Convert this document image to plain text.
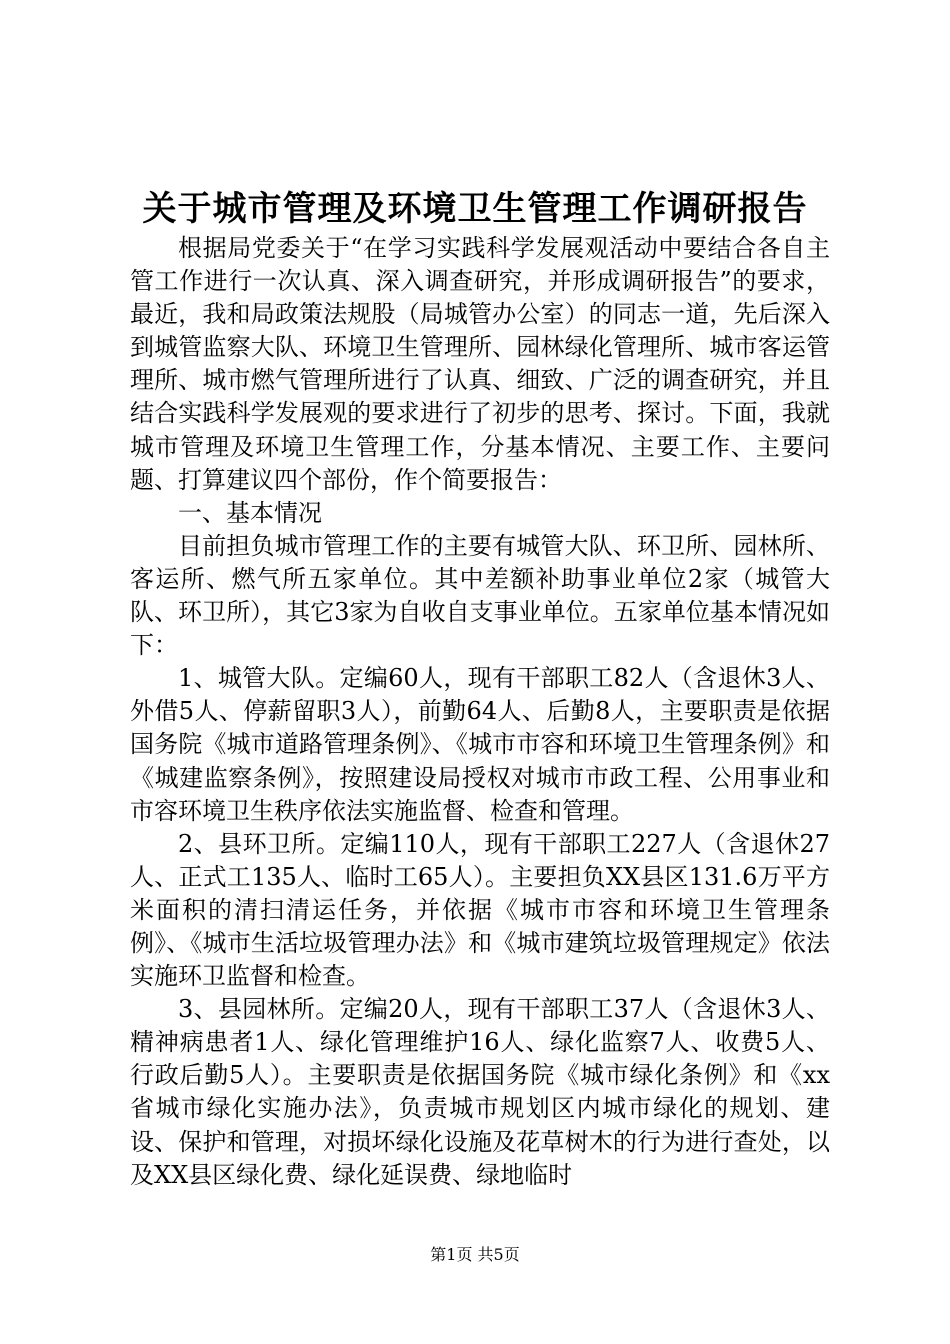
关于城市管理及环境卫生管理工作调研报告

根据局党委关于“在学习实践科学发展观活动中要结合各自主管工作进行一次认真、深入调查研究，并形成调研报告”的要求，最近，我和局政策法规股（局城管办公室）的同志一道，先后深入到城管监察大队、环境卫生管理所、园林绿化管理所、城市客运管理所、城市燃气管理所进行了认真、细致、广泛的调查研究，并且结合实践科学发展观的要求进行了初步的思考、探讨。下面，我就城市管理及环境卫生管理工作，分基本情况、主要工作、主要问题、打算建议四个部份，作个简要报告：

一、基本情况

目前担负城市管理工作的主要有城管大队、环卫所、园林所、客运所、燃气所五家单位。其中差额补助事业单位2家（城管大队、环卫所），其它3家为自收自支事业单位。五家单位基本情况如下：

1、城管大队。定编60人，现有干部职工82人（含退休3人、外借5人、停薪留职3人），前勤64人、后勤8人，主要职责是依据国务院《城市道路管理条例》、《城市市容和环境卫生管理条例》和《城建监察条例》，按照建设局授权对城市市政工程、公用事业和市容环境卫生秩序依法实施监督、检查和管理。

2、县环卫所。定编110人，现有干部职工227人（含退休27人、正式工135人、临时工65人）。主要担负XX县区131.6万平方米面积的清扫清运任务，并依据《城市市容和环境卫生管理条例》、《城市生活垃圾管理办法》和《城市建筑垃圾管理规定》依法实施环卫监督和检查。

3、县园林所。定编20人，现有干部职工37人（含退休3人、精神病患者1人、绿化管理维护16人、绿化监察7人、收费5人、行政后勤5人）。主要职责是依据国务院《城市绿化条例》和《xx省城市绿化实施办法》，负责城市规划区内城市绿化的规划、建设、保护和管理，对损坏绿化设施及花草树木的行为进行查处，以及XX县区绿化费、绿化延误费、绿地临时

第1页 共5页
